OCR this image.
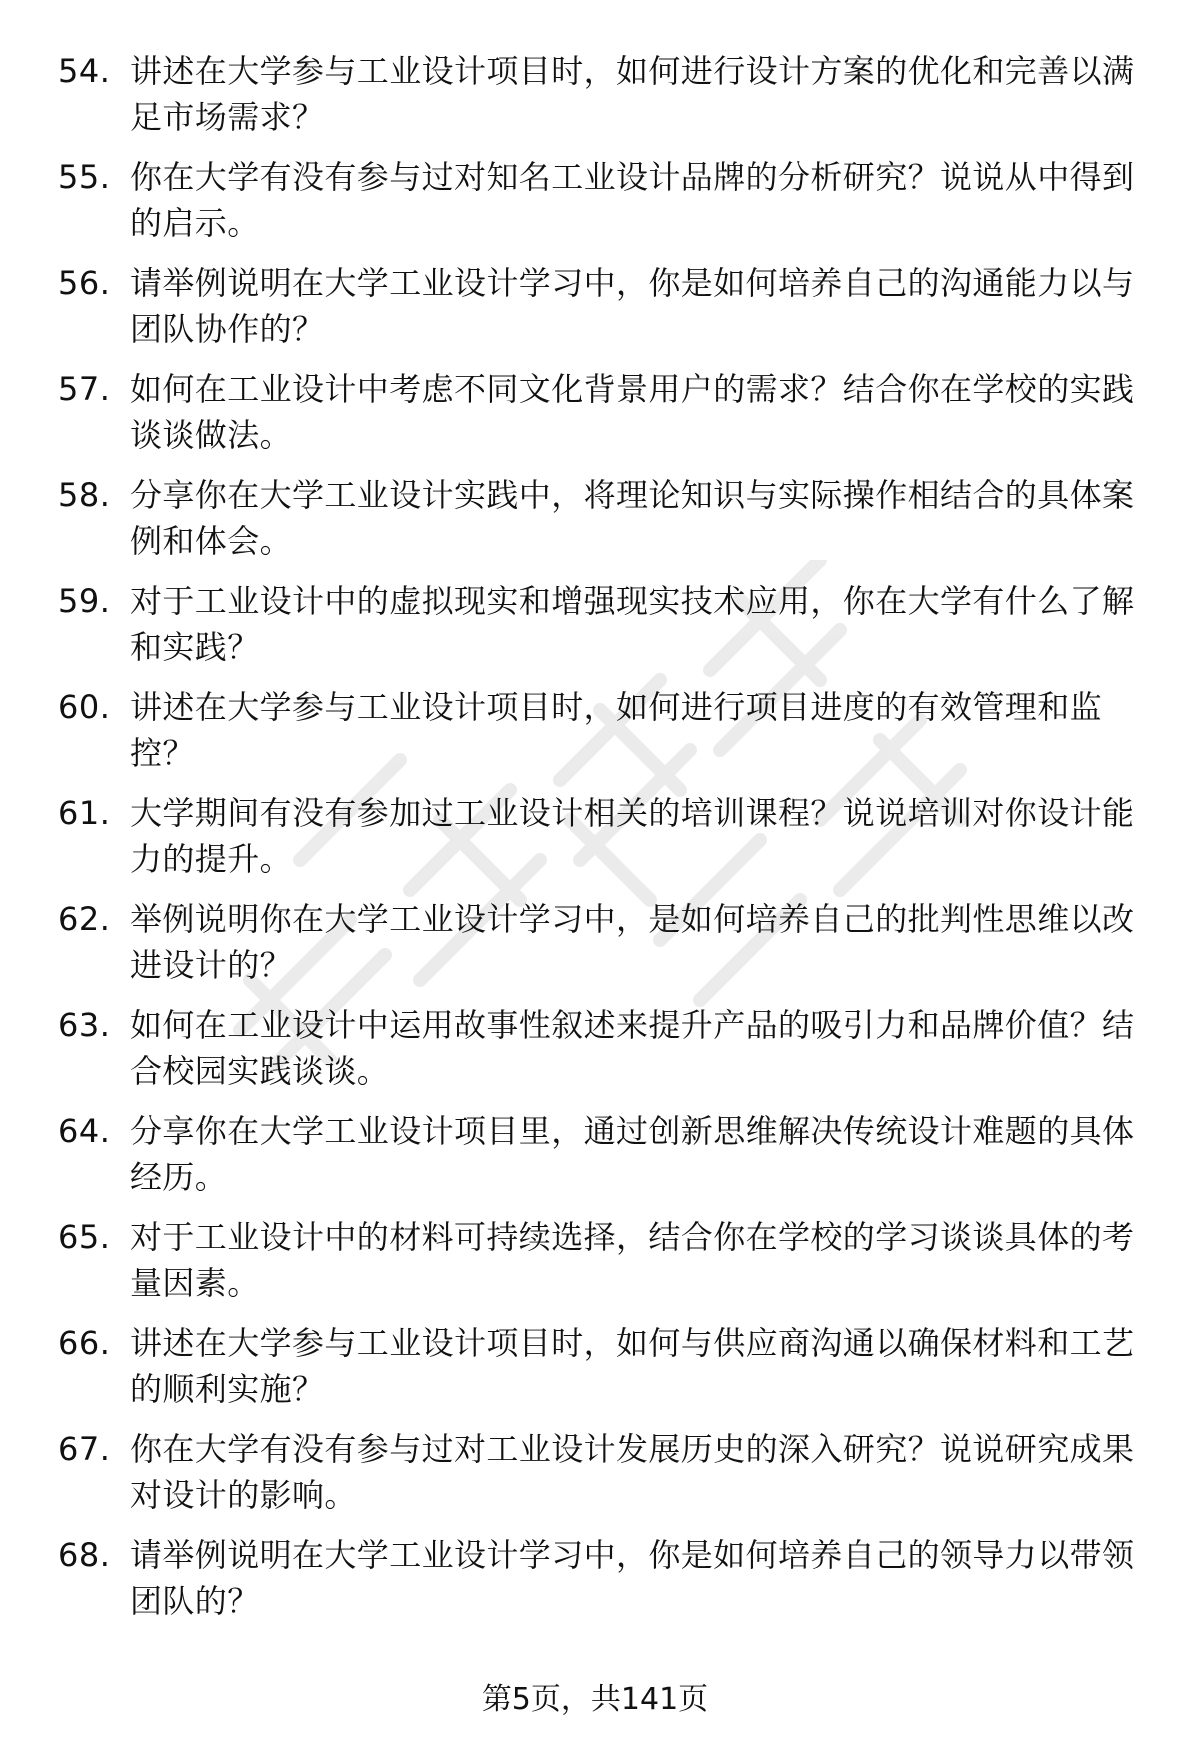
54. 讲述在大学参与工业设计项目时，如何进行设计方案的优化和完善以满足市场需求？
55. 你在大学有没有参与过对知名工业设计品牌的分析研究？说说从中得到的启示。
56. 请举例说明在大学工业设计学习中，你是如何培养自己的沟通能力以与团队协作的？
57. 如何在工业设计中考虑不同文化背景用户的需求？结合你在学校的实践谈谈做法。
58. 分享你在大学工业设计实践中，将理论知识与实际操作相结合的具体案例和体会。
59. 对于工业设计中的虚拟现实和增强现实技术应用，你在大学有什么了解和实践？
60. 讲述在大学参与工业设计项目时，如何进行项目进度的有效管理和监控？
61. 大学期间有没有参加过工业设计相关的培训课程？说说培训对你设计能力的提升。
62. 举例说明你在大学工业设计学习中，是如何培养自己的批判性思维以改进设计的？
63. 如何在工业设计中运用故事性叙述来提升产品的吸引力和品牌价值？结合校园实践谈谈。
64. 分享你在大学工业设计项目里，通过创新思维解决传统设计难题的具体经历。
65. 对于工业设计中的材料可持续选择，结合你在学校的学习谈谈具体的考量因素。
66. 讲述在大学参与工业设计项目时，如何与供应商沟通以确保材料和工艺的顺利实施？
67. 你在大学有没有参与过对工业设计发展历史的深入研究？说说研究成果对设计的影响。
68. 请举例说明在大学工业设计学习中，你是如何培养自己的领导力以带领团队的？
第5页，共141页
